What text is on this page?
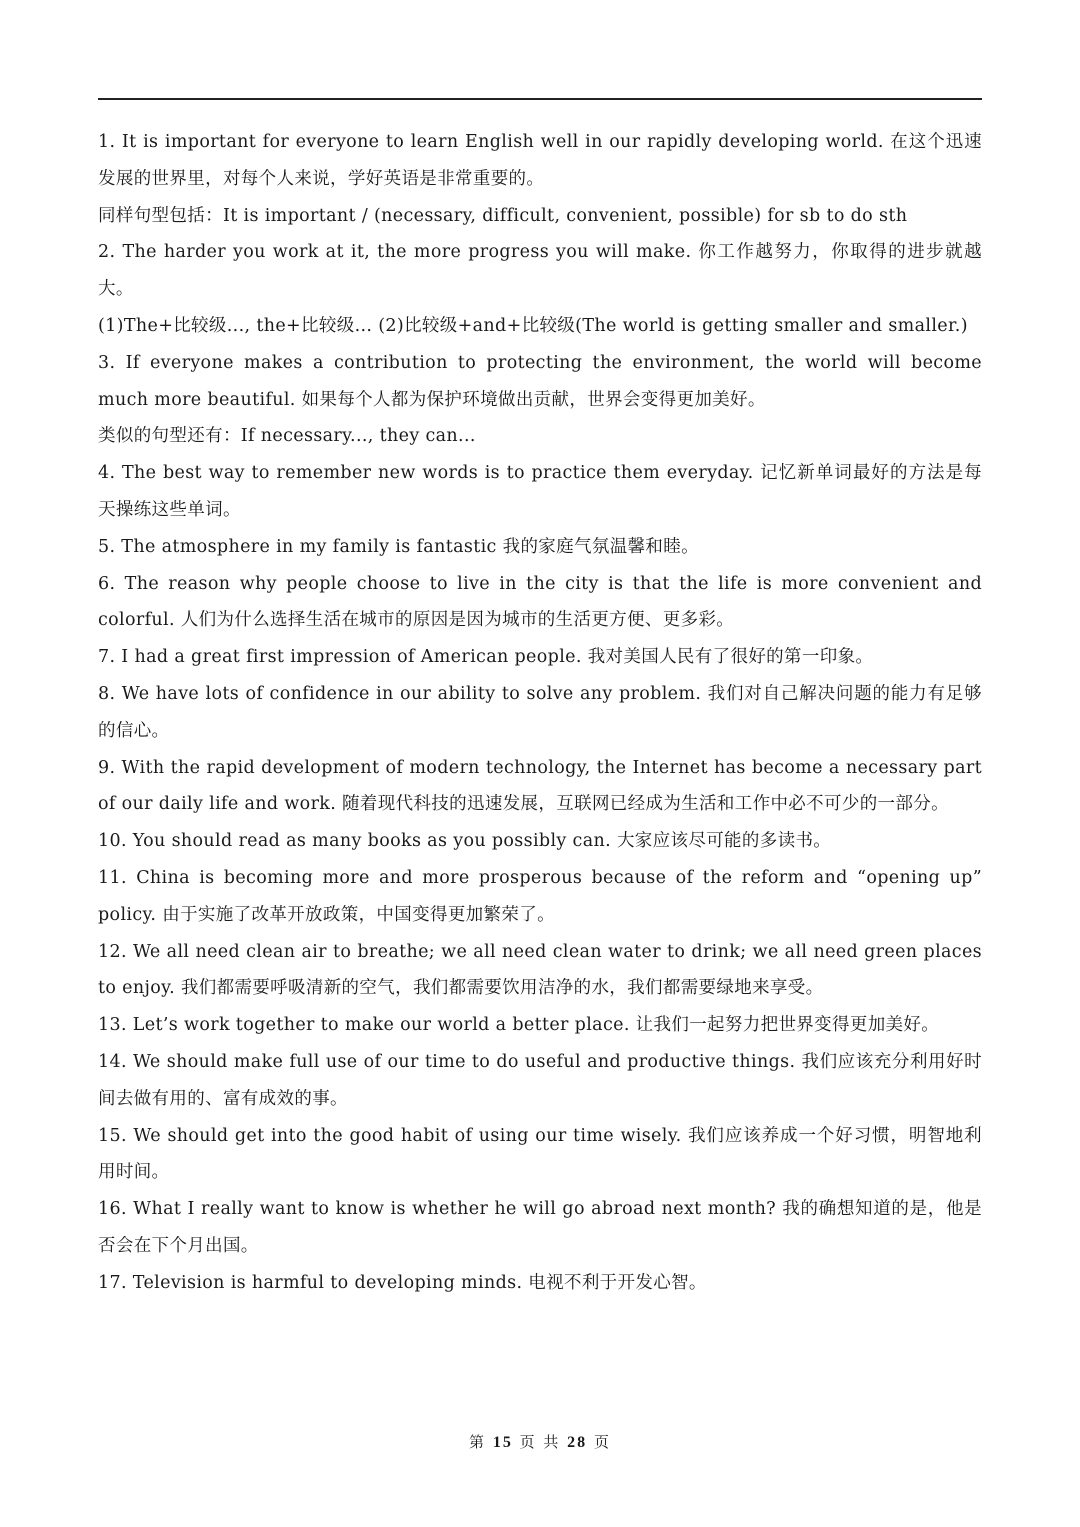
1. It is important for everyone to learn English well in our rapidly developing world. 在这个迅速发展的世界里，对每个人来说，学好英语是非常重要的。

同样句型包括：It is important / (necessary, difficult, convenient, possible) for sb to do sth

2. The harder you work at it, the more progress you will make. 你工作越努力，你取得的进步就越大。

(1)The+比较级..., the+比较级... (2)比较级+and+比较级(The world is getting smaller and smaller.)

3. If everyone makes a contribution to protecting the environment, the world will become much more beautiful. 如果每个人都为保护环境做出贡献，世界会变得更加美好。

类似的句型还有：If necessary..., they can...

4. The best way to remember new words is to practice them everyday. 记忆新单词最好的方法是每天操练这些单词。

5. The atmosphere in my family is fantastic 我的家庭气氛温馨和睦。

6. The reason why people choose to live in the city is that the life is more convenient and colorful. 人们为什么选择生活在城市的原因是因为城市的生活更方便、更多彩。

7. I had a great first impression of American people. 我对美国人民有了很好的第一印象。

8. We have lots of confidence in our ability to solve any problem. 我们对自己解决问题的能力有足够的信心。

9. With the rapid development of modern technology, the Internet has become a necessary part of our daily life and work. 随着现代科技的迅速发展，互联网已经成为生活和工作中必不可少的一部分。

10. You should read as many books as you possibly can. 大家应该尽可能的多读书。

11. China is becoming more and more prosperous because of the reform and “opening up” policy. 由于实施了改革开放政策，中国变得更加繁荣了。

12. We all need clean air to breathe; we all need clean water to drink; we all need green places to enjoy. 我们都需要呼吸清新的空气，我们都需要饮用洁净的水，我们都需要绿地来享受。

13. Let’s work together to make our world a better place. 让我们一起努力把世界变得更加美好。

14. We should make full use of our time to do useful and productive things. 我们应该充分利用好时间去做有用的、富有成效的事。

15. We should get into the good habit of using our time wisely. 我们应该养成一个好习惯，明智地利用时间。

16. What I really want to know is whether he will go abroad next month? 我的确想知道的是，他是否会在下个月出国。

17. Television is harmful to developing minds. 电视不利于开发心智。

第 15 页 共 28 页
